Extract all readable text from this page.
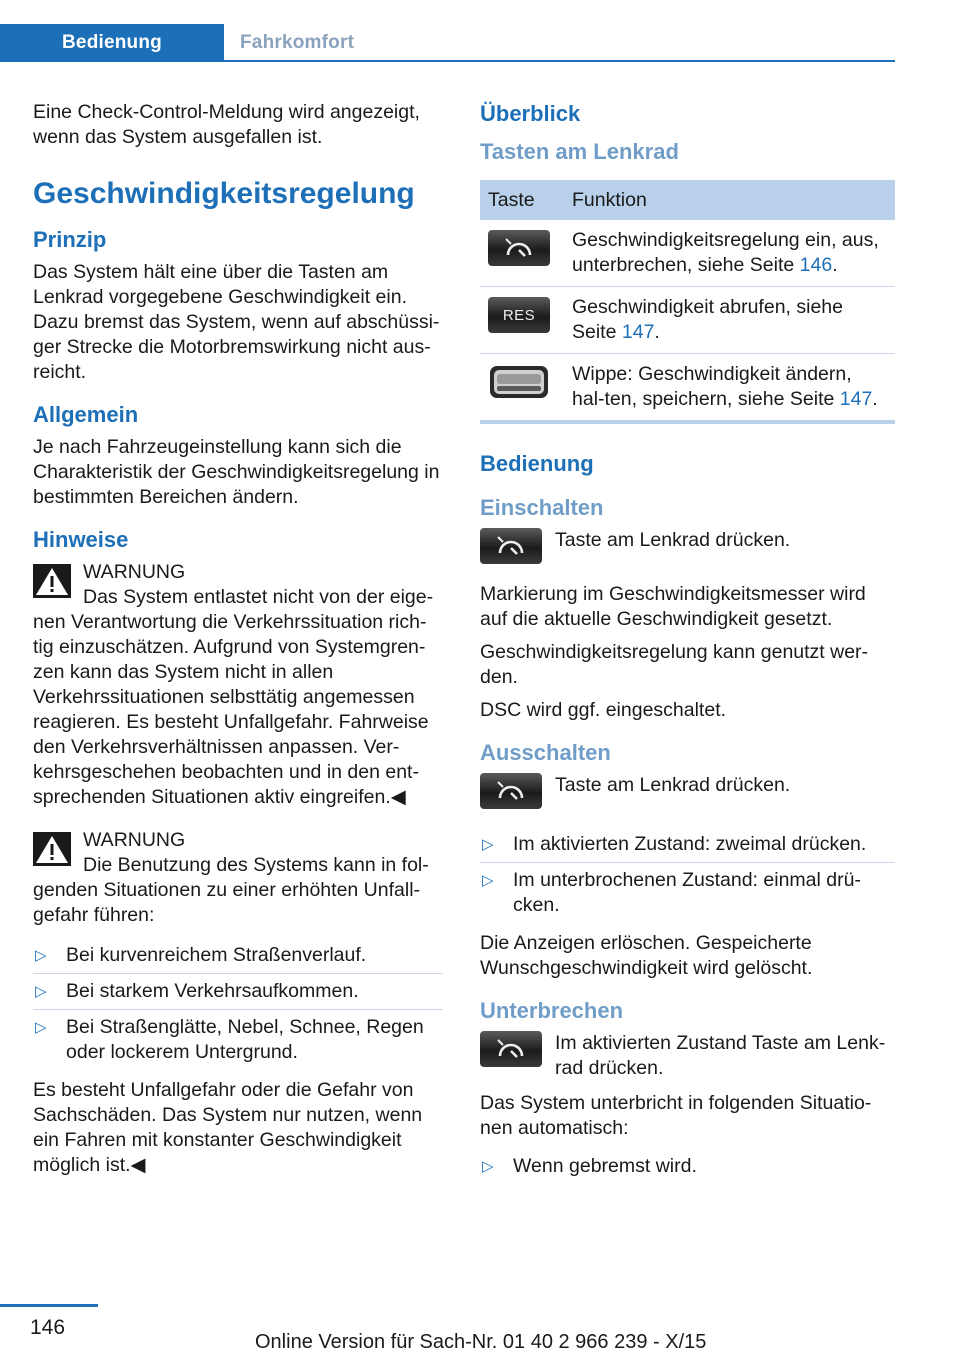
Bedienung	Fahrkomfort

Eine Check-Control-Meldung wird angezeigt, wenn das System ausgefallen ist.

Geschwindigkeitsregelung
Prinzip

Das System hält eine über die Tasten am Lenkrad vorgegebene Geschwindigkeit ein. Dazu bremst das System, wenn auf abschüssi-ger Strecke die Motorbremswirkung nicht aus-reicht.

Allgemein

Je nach Fahrzeugeinstellung kann sich die Charakteristik der Geschwindigkeitsregelung in bestimmten Bereichen ändern.

Hinweise
WARNUNG
Das System entlastet nicht von der eige-nen Verantwortung die Verkehrssituation rich-tig einzuschätzen. Aufgrund von Systemgren-zen kann das System nicht in allen Verkehrssituationen selbsttätig angemessen reagieren. Es besteht Unfallgefahr. Fahrweise den Verkehrsverhältnissen anpassen. Ver-kehrsgeschehen beobachten und in den ent-sprechenden Situationen aktiv eingreifen.◀
WARNUNG
Die Benutzung des Systems kann in fol-genden Situationen zu einer erhöhten Unfall-gefahr führen:
▷ Bei kurvenreichem Straßenverlauf.
▷ Bei starkem Verkehrsaufkommen.
▷ Bei Straßenglätte, Nebel, Schnee, Regen oder lockerem Untergrund.

Es besteht Unfallgefahr oder die Gefahr von Sachschäden. Das System nur nutzen, wenn ein Fahren mit konstanter Geschwindigkeit möglich ist.◀

Überblick
Tasten am Lenkrad
Taste	Funktion

	Geschwindigkeitsregelung ein, aus, unterbrechen, siehe Seite 146.

RES	Geschwindigkeit abrufen, siehe Seite 147.
	Wippe: Geschwindigkeit ändern, hal-ten, speichern, siehe Seite 147.
Bedienung
Einschalten
Taste am Lenkrad drücken.

Markierung im Geschwindigkeitsmesser wird auf die aktuelle Geschwindigkeit gesetzt.

Geschwindigkeitsregelung kann genutzt wer-den.

DSC wird ggf. eingeschaltet.

Ausschalten
Taste am Lenkrad drücken.
▷ Im aktivierten Zustand: zweimal drücken.
▷ Im unterbrochenen Zustand: einmal drü-cken.

Die Anzeigen erlöschen. Gespeicherte Wunschgeschwindigkeit wird gelöscht.

Unterbrechen
Im aktivierten Zustand Taste am Lenk-rad drücken.

Das System unterbricht in folgenden Situatio-nen automatisch:

▷ Wenn gebremst wird.
146
Online Version für Sach-Nr. 01 40 2 966 239 - X/15
